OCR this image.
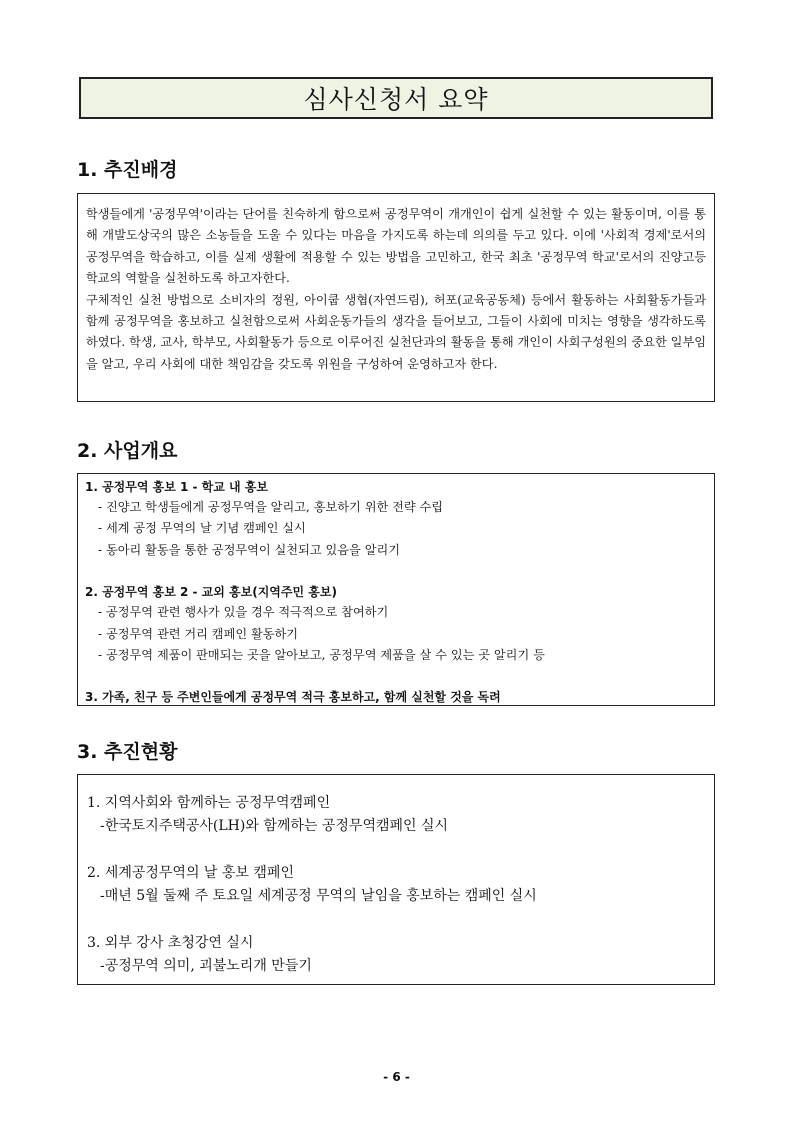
심사신청서 요약
1. 추진배경

학생들에게 '공정무역'이라는 단어를 친숙하게 함으로써 공정무역이 개개인이 쉽게 실천할 수 있는 활동이며, 이를 통해 개발도상국의 많은 소농들을 도울 수 있다는 마음을 가지도록 하는데 의의를 두고 있다. 이에 '사회적 경제'로서의 공정무역을 학습하고, 이를 실제 생활에 적용할 수 있는 방법을 고민하고, 한국 최초 '공정무역 학교'로서의 진양고등학교의 역할을 실천하도록 하고자한다.

구체적인 실천 방법으로 소비자의 정원, 아이쿱 생협(자연드림), 허포(교육공동체) 등에서 활동하는 사회활동가들과 함께 공정무역을 홍보하고 실천함으로써 사회운동가들의 생각을 들어보고, 그들이 사회에 미치는 영향을 생각하도록 하였다. 학생, 교사, 학부모, 사회활동가 등으로 이루어진 실천단과의 활동을 통해 개인이 사회구성원의 중요한 일부임을 알고, 우리 사회에 대한 책임감을 갖도록 위원을 구성하여 운영하고자 한다.

2. 사업개요
1. 공정무역 홍보 1 - 학교 내 홍보
- 진양고 학생들에게 공정무역을 알리고, 홍보하기 위한 전략 수립
- 세계 공정 무역의 날 기념 캠페인 실시
- 동아리 활동을 통한 공정무역이 실천되고 있음을 알리기
2. 공정무역 홍보 2 - 교외 홍보(지역주민 홍보)
- 공정무역 관련 행사가 있을 경우 적극적으로 참여하기
- 공정무역 관련 거리 캠페인 활동하기
- 공정무역 제품이 판매되는 곳을 알아보고, 공정무역 제품을 살 수 있는 곳 알리기 등
3. 가족, 친구 등 주변인들에게 공정무역 적극 홍보하고, 함께 실천할 것을 독려
3. 추진현황
1. 지역사회와 함께하는 공정무역캠페인
-한국토지주택공사(LH)와 함께하는 공정무역캠페인 실시
2. 세계공정무역의 날 홍보 캠페인
-매년 5월 둘째 주 토요일 세계공정 무역의 날임을 홍보하는 캠페인 실시
3. 외부 강사 초청강연 실시
-공정무역 의미, 괴불노리개 만들기
- 6 -
